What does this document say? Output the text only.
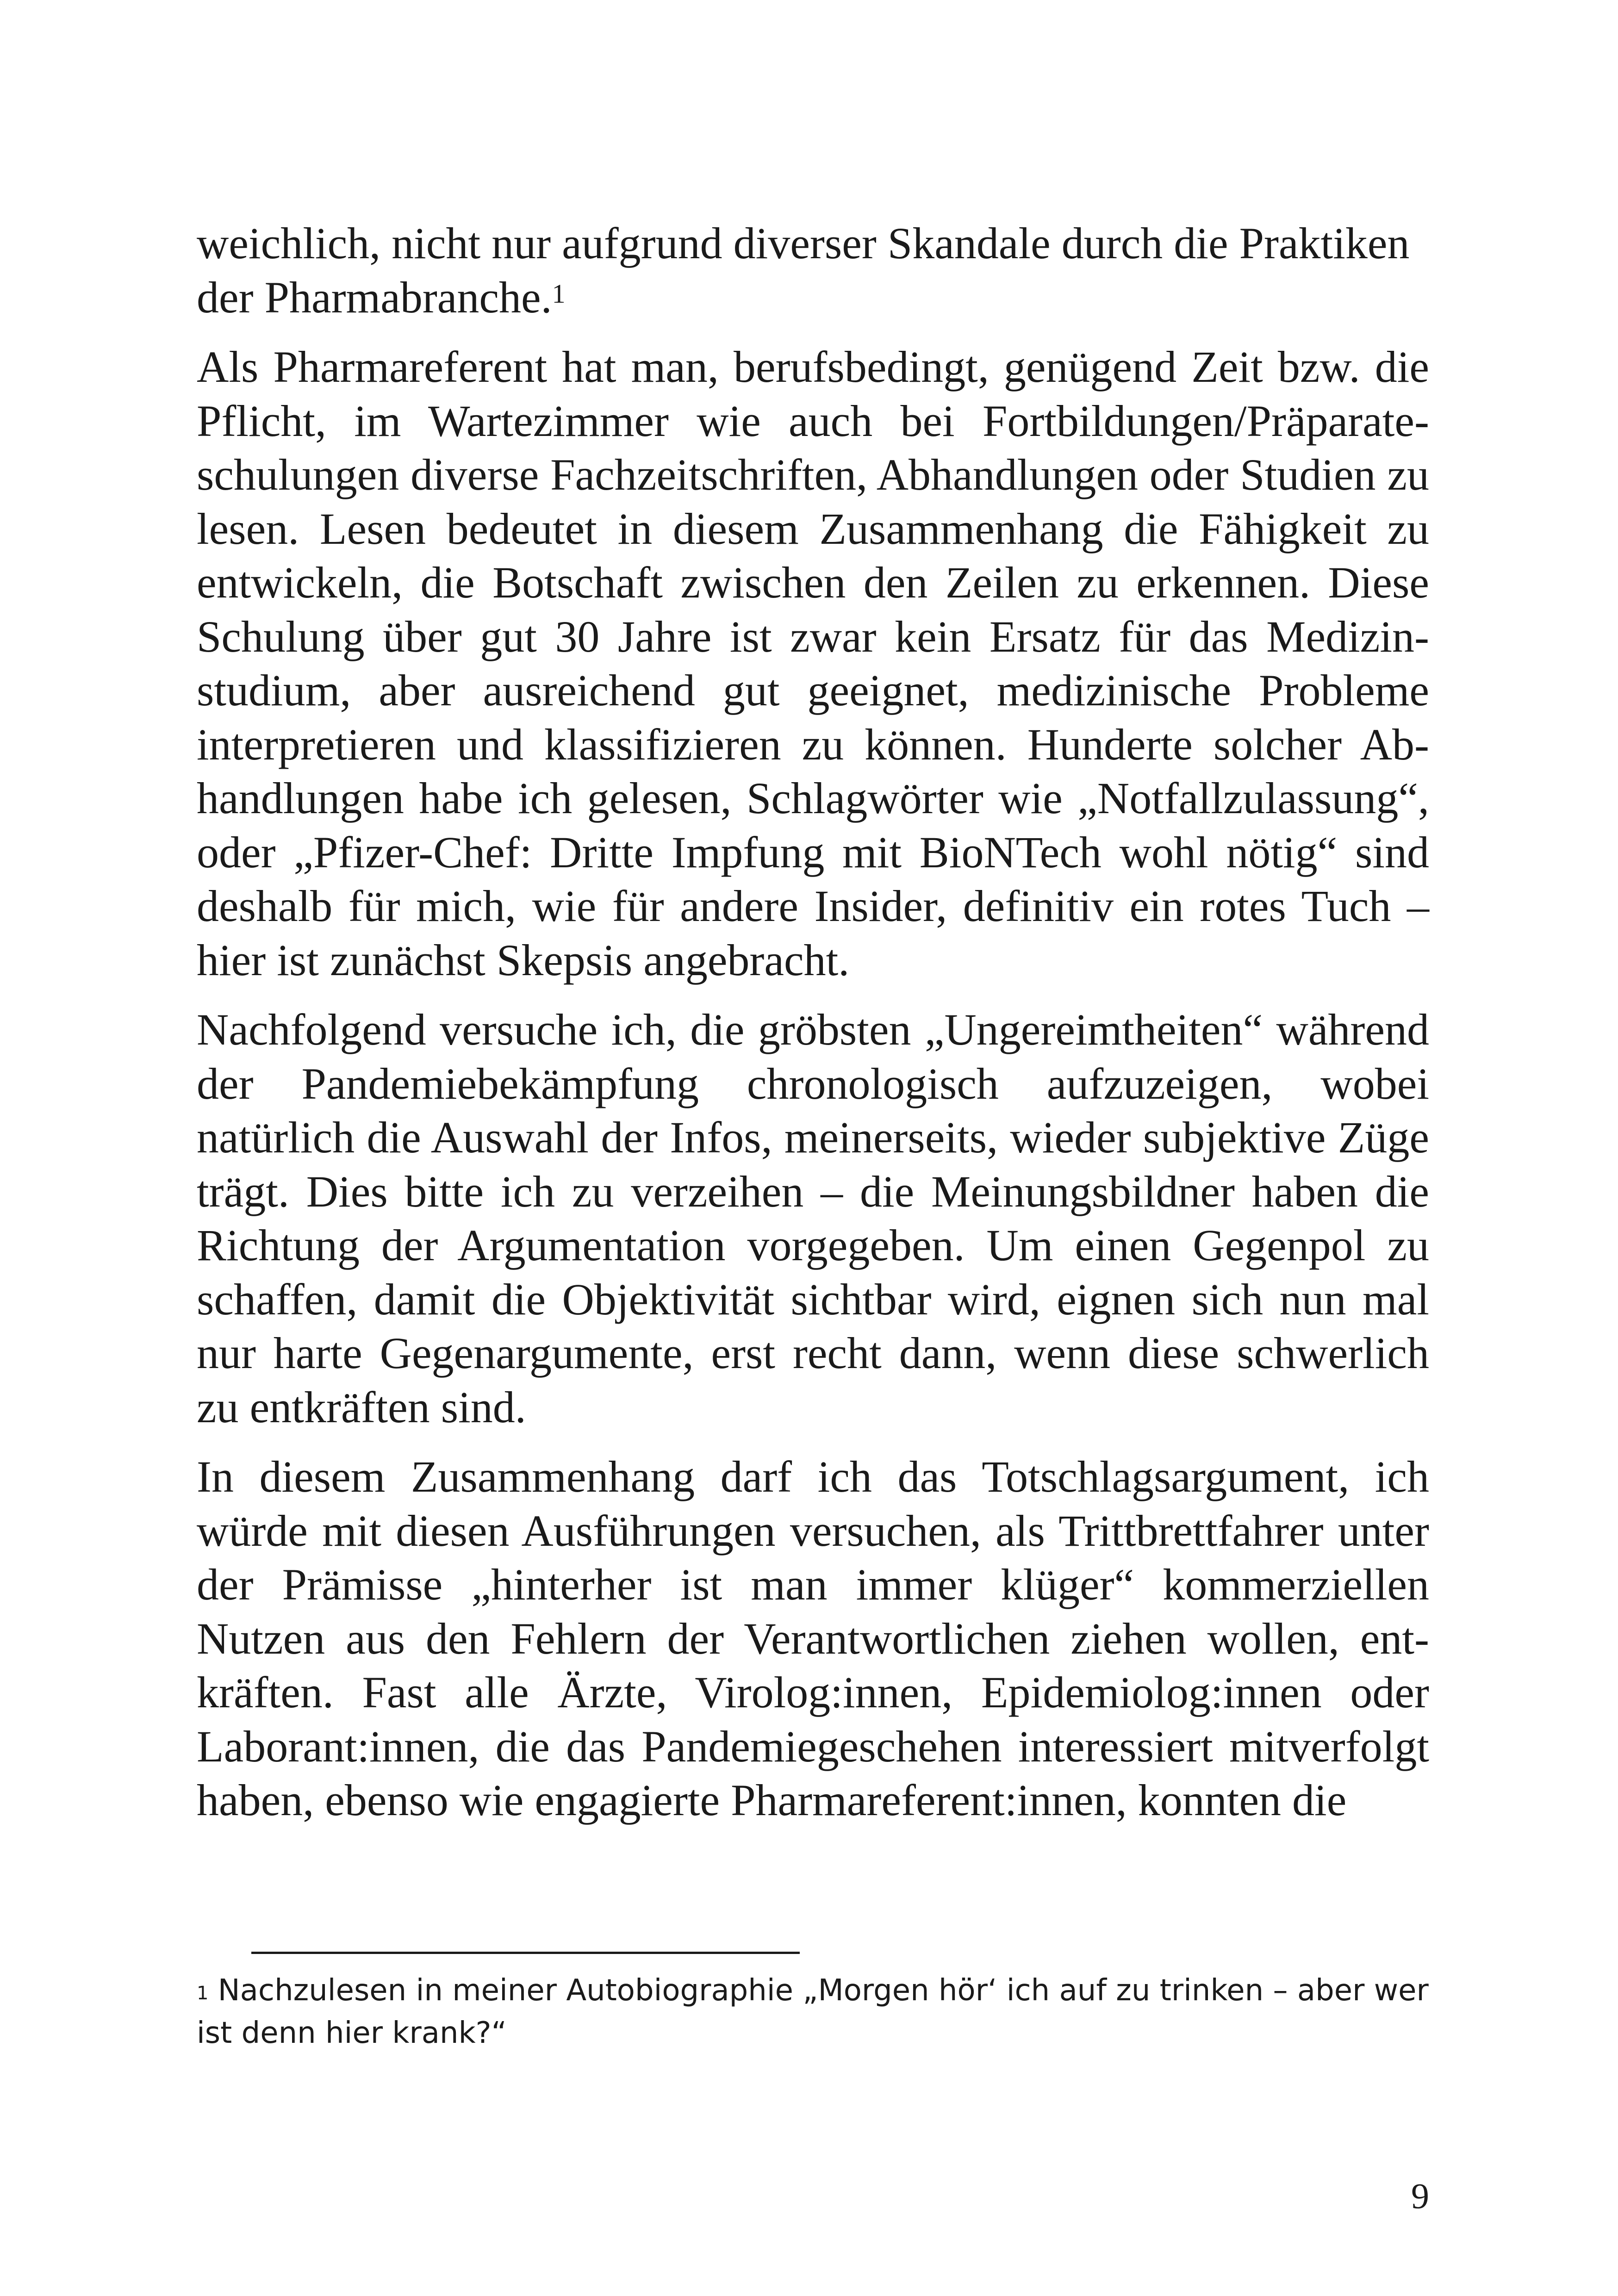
weichlich, nicht nur aufgrund diverser Skandale durch die Praktiken der Pharmabranche.$^1$

Als Pharmareferent hat man, berufsbedingt, genügend Zeit bzw. die Pflicht, im Wartezimmer wie auch bei Fortbildungen/Präparateschulungen diverse Fachzeitschriften, Abhandlungen oder Studien zu lesen. Lesen bedeutet in diesem Zusammenhang die Fähigkeit zu entwickeln, die Botschaft zwischen den Zeilen zu erkennen. Diese Schulung über gut 30 Jahre ist zwar kein Ersatz für das Medizinstudium, aber ausreichend gut geeignet, medizinische Probleme interpretieren und klassifizieren zu können. Hunderte solcher Abhandlungen habe ich gelesen, Schlagwörter wie „Notfallzulassung“, oder „Pfizer-Chef: Dritte Impfung mit BioNTech wohl nötig“ sind deshalb für mich, wie für andere Insider, definitiv ein rotes Tuch – hier ist zunächst Skepsis angebracht.

Nachfolgend versuche ich, die gröbsten „Ungereimtheiten“ während der Pandemiebekämpfung chronologisch aufzuzeigen, wobei natürlich die Auswahl der Infos, meinerseits, wieder subjektive Züge trägt. Dies bitte ich zu verzeihen – die Meinungsbildner haben die Richtung der Argumentation vorgegeben. Um einen Gegenpol zu schaffen, damit die Objektivität sichtbar wird, eignen sich nun mal nur harte Gegenargumente, erst recht dann, wenn diese schwerlich zu entkräften sind.

In diesem Zusammenhang darf ich das Totschlagsargument, ich würde mit diesen Ausführungen versuchen, als Trittbrettfahrer unter der Prämisse „hinterher ist man immer klüger“ kommerziellen Nutzen aus den Fehlern der Verantwortlichen ziehen wollen, entkräften. Fast alle Ärzte, Virolog:innen, Epidemiolog:innen oder Laborant:innen, die das Pandemiegeschehen interessiert mitverfolgt haben, ebenso wie engagierte Pharmareferent:innen, konnten die

$^1$ Nachzulesen in meiner Autobiographie „Morgen hör‘ ich auf zu trinken – aber wer ist denn hier krank?“
9
